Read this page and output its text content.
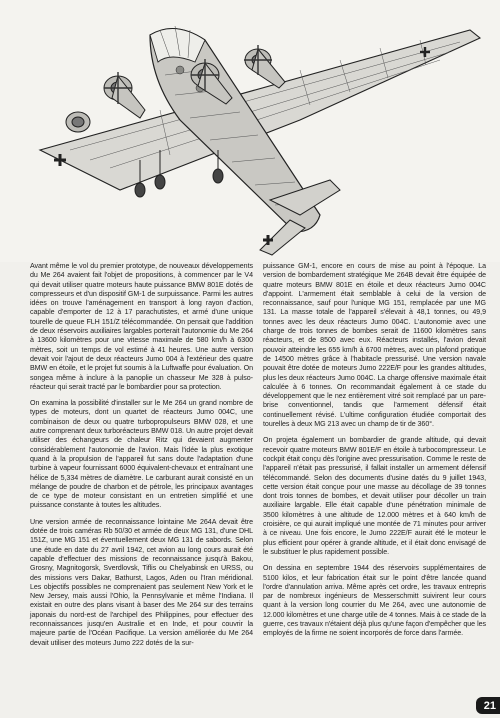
Avant même le vol du premier prototype, de nouveaux développements du Me 264 avaient fait l'objet de propositions, à commencer par le V4 qui devait utiliser quatre moteurs haute puissance BMW 801E dotés de compresseurs et d'un dispositif GM-1 de surpuissance. Parmi les autres idées on trouve l'aménagement en transport à long rayon d'action, capable d'emporter de 12 à 17 parachutistes, et armé d'une unique tourelle de queue FLH 151/Z télécommandée. On pensait que l'addition de deux réservoirs auxiliaires largables porterait l'autonomie du Me 264 à 13600 kilomètres pour une vitesse maximale de 580 km/h à 6300 mètres, soit un temps de vol estimé à 41 heures. Une autre version devait voir l'ajout de deux réacteurs Jumo 004 à l'extérieur des quatre BMW en étoile, et le projet fut soumis à la Luftwaffe pour évaluation. On songea même à inclure à la panoplie un chasseur Me 328 à pulso-réacteur qui serait tracté par le bombardier pour sa protection.

On examina la possibilité d'installer sur le Me 264 un grand nombre de types de moteurs, dont un quartet de réacteurs Jumo 004C, une combinaison de deux ou quatre turbopropulseurs BMW 028, et une autre comprenant deux turboréacteurs BMW 018. Un autre projet devait utiliser des échangeurs de chaleur Ritz qui devaient augmenter considérablement l'autonomie de l'avion. Mais l'idée la plus exotique quand à la propulsion de l'appareil fut sans doute l'adaptation d'une turbine à vapeur fournissant 6000 équivalent-chevaux et entraînant une hélice de 5,334 mètres de diamètre. Le carburant aurait consisté en un mélange de poudre de charbon et de pétrole, les principaux avantages de ce type de moteur consistant en un entretien simplifié et une puissance constante à toutes les altitudes.

Une version armée de reconnaissance lointaine Me 264A devait être dotée de trois caméras Rb 50/30 et armée de deux MG 131, d'une DHL 151Z, une MG 151 et éventuellement deux MG 131 de sabords. Selon une étude en date du 27 avril 1942, cet avion au long cours aurait été capable d'effectuer des missions de reconnaissance jusqu'à Bakou, Grosny, Magnitogorsk, Sverdlovsk, Tiflis ou Chelyabinsk en URSS, ou des missions vers Dakar, Bathurst, Lagos, Aden ou l'Iran méridional. Les objectifs possibles ne comprenaient pas seulement New York et le New Jersey, mais aussi l'Ohio, la Pennsylvanie et même l'Indiana. Il existait en outre des plans visant à baser des Me 264 sur des terrains japonais du nord-est de l'archipel des Philippines, pour effectuer des reconnaissances jusqu'en Australie et en Inde, et pour couvrir la majeure partie de l'Océan Pacifique. La version améliorée du Me 264 devait utiliser des moteurs Jumo 222 dotés de la sur-

puissance GM-1, encore en cours de mise au point à l'époque. La version de bombardement stratégique Me 264B devait être équipée de quatre moteurs BMW 801E en étoile et deux réacteurs Jumo 004C d'appoint. L'armement était semblable à celui de la version de reconnaissance, sauf pour l'unique MG 151, remplacée par une MG 131. La masse totale de l'appareil s'élevait à 48,1 tonnes, ou 49,9 tonnes avec les deux réacteurs Jumo 004C. L'autonomie avec une charge de trois tonnes de bombes serait de 11600 kilomètres sans réacteurs, et de 8500 avec eux. Réacteurs installés, l'avion devait pouvoir atteindre les 655 km/h à 6700 mètres, avec un plafond pratique de 14500 mètres grâce à l'habitacle pressurisé. Une version navale pouvait être dotée de moteurs Jumo 222E/F pour les grandes altitudes, plus les deux réacteurs Jumo 004C. La charge offensive maximale était calculée à 6 tonnes. On recommandait également à ce stade du développement que le nez entièrement vitré soit remplacé par un pare-brise conventionnel, tandis que l'armement défensif était continuellement révisé. L'ultime configuration étudiée comportait des tourelles à deux MG 213 avec un champ de tir de 360°.

On projeta également un bombardier de grande altitude, qui devait recevoir quatre moteurs BMW 801E/F en étoile à turbocompresseur. Le cockpit était conçu dès l'origine avec pressurisation. Comme le reste de l'appareil n'était pas pressurisé, il fallait installer un armement défensif télécommandé. Selon des documents d'usine datés du 9 juillet 1943, cette version était conçue pour une masse au décollage de 39 tonnes dont trois tonnes de bombes, et devait utiliser pour décoller un train auxiliaire largable. Elle était capable d'une pénétration minimale de 3500 kilomètres à une altitude de 12.000 mètres et à 640 km/h de croisière, ce qui aurait impliqué une montée de 71 minutes pour arriver à ce niveau. Une fois encore, le Jumo 222E/F aurait été le moteur le plus efficient pour opérer à grande altitude, et il était donc envisagé de le substituer le plus rapidement possible.

On dessina en septembre 1944 des réservoirs supplémentaires de 5100 kilos, et leur fabrication était sur le point d'être lancée quand l'ordre d'annulation arriva. Même après cet ordre, les travaux entrepris par de nombreux ingénieurs de Messerschmitt suivirent leur cours quant à la version long courrier du Me 264, avec une autonomie de 12.000 kilomètres et une charge utile de 4 tonnes. Mais à ce stade de la guerre, ces travaux n'étaient déjà plus qu'une façon d'empêcher que les employés de la firme ne soient incorporés de force dans l'armée.

21
